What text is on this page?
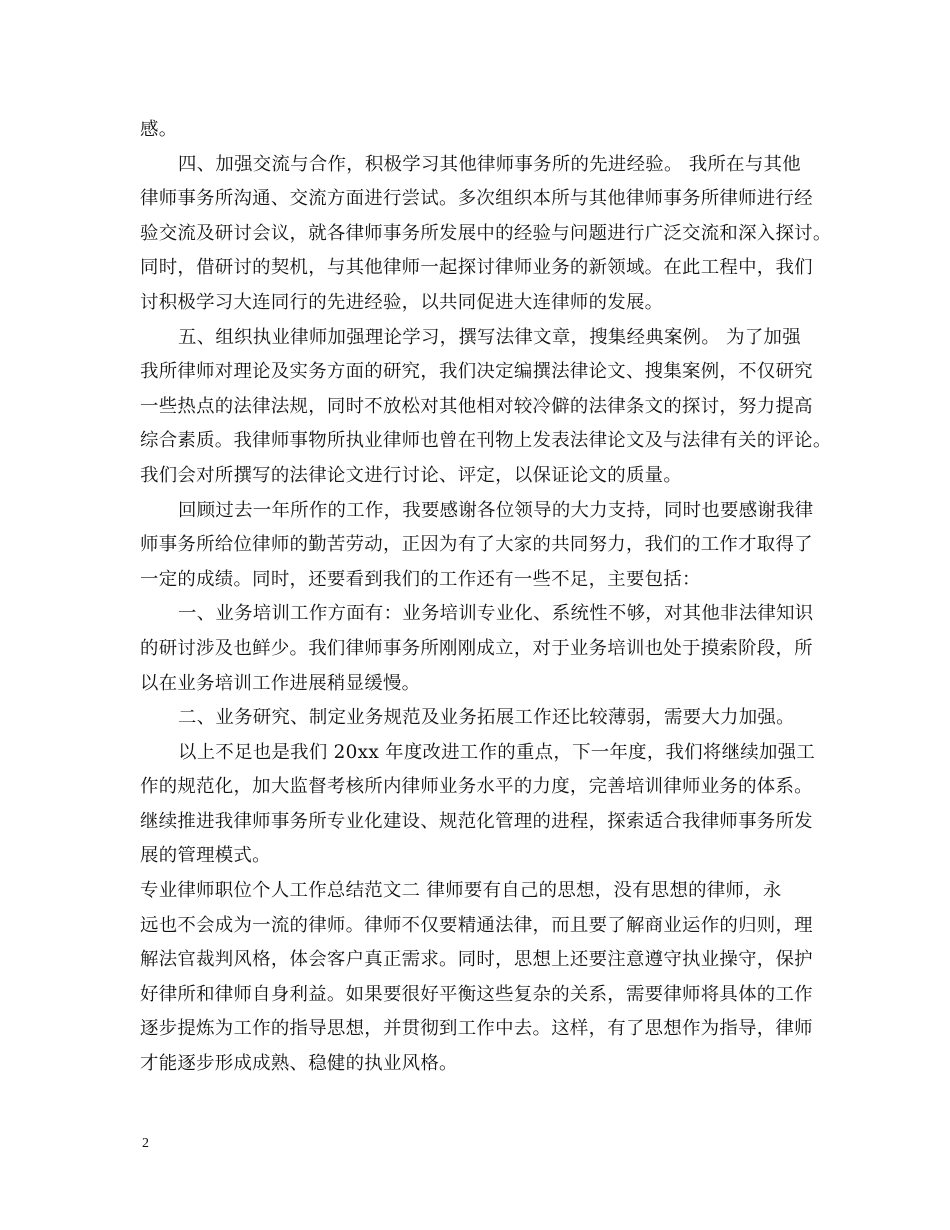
感。
四、加强交流与合作，积极学习其他律师事务所的先进经验。 我所在与其他
律师事务所沟通、交流方面进行尝试。多次组织本所与其他律师事务所律师进行经
验交流及研讨会议，就各律师事务所发展中的经验与问题进行广泛交流和深入探讨。
同时，借研讨的契机，与其他律师一起探讨律师业务的新领域。在此工程中，我们
讨积极学习大连同行的先进经验，以共同促进大连律师的发展。
五、组织执业律师加强理论学习，撰写法律文章，搜集经典案例。 为了加强
我所律师对理论及实务方面的研究，我们决定编撰法律论文、搜集案例，不仅研究
一些热点的法律法规，同时不放松对其他相对较冷僻的法律条文的探讨，努力提高
综合素质。我律师事物所执业律师也曾在刊物上发表法律论文及与法律有关的评论。
我们会对所撰写的法律论文进行讨论、评定，以保证论文的质量。
回顾过去一年所作的工作，我要感谢各位领导的大力支持，同时也要感谢我律
师事务所给位律师的勤苦劳动，正因为有了大家的共同努力，我们的工作才取得了
一定的成绩。同时，还要看到我们的工作还有一些不足，主要包括：
一、业务培训工作方面有：业务培训专业化、系统性不够，对其他非法律知识
的研讨涉及也鲜少。我们律师事务所刚刚成立，对于业务培训也处于摸索阶段，所
以在业务培训工作进展稍显缓慢。
二、业务研究、制定业务规范及业务拓展工作还比较薄弱，需要大力加强。
以上不足也是我们 20xx 年度改进工作的重点，下一年度，我们将继续加强工
作的规范化，加大监督考核所内律师业务水平的力度，完善培训律师业务的体系。
继续推进我律师事务所专业化建设、规范化管理的进程，探索适合我律师事务所发
展的管理模式。
专业律师职位个人工作总结范文二 律师要有自己的思想，没有思想的律师，永
远也不会成为一流的律师。律师不仅要精通法律，而且要了解商业运作的归则，理
解法官裁判风格，体会客户真正需求。同时，思想上还要注意遵守执业操守，保护
好律所和律师自身利益。如果要很好平衡这些复杂的关系，需要律师将具体的工作
逐步提炼为工作的指导思想，并贯彻到工作中去。这样，有了思想作为指导，律师
才能逐步形成成熟、稳健的执业风格。
2
